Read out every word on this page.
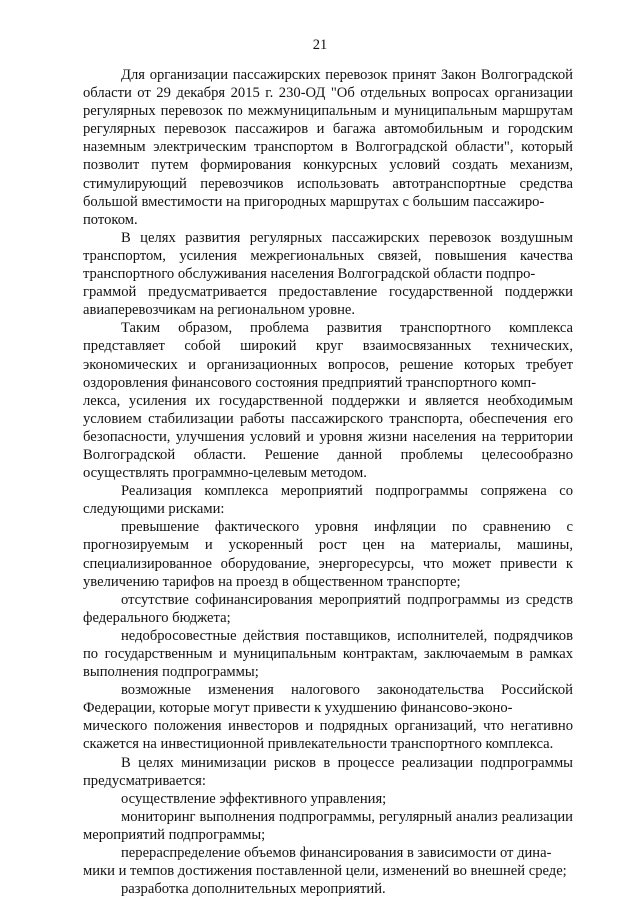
21

Для организации пассажирских перевозок принят Закон Волгоградской области от 29 декабря 2015 г. 230-ОД "Об отдельных вопросах организации регулярных перевозок по межмуниципальным и муниципальным маршрутам регулярных перевозок пассажиров и багажа автомобильным и городским наземным электрическим транспортом в Волгоградской области", который позволит путем формирования конкурсных условий создать механизм, стимулирующий перевозчиков использовать автотранспортные средства большой вместимости на пригородных маршрутах с большим пассажиро-
потоком.

В целях развития регулярных пассажирских перевозок воздушным транспортом, усиления межрегиональных связей, повышения качества транспортного обслуживания населения Волгоградской области подпро-
граммой предусматривается предоставление государственной поддержки авиаперевозчикам на региональном уровне.

Таким образом, проблема развития транспортного комплекса представляет собой широкий круг взаимосвязанных технических, экономических и организационных вопросов, решение которых требует оздоровления финансового состояния предприятий транспортного комп-
лекса, усиления их государственной поддержки и является необходимым условием стабилизации работы пассажирского транспорта, обеспечения его безопасности, улучшения условий и уровня жизни населения на территории Волгоградской области. Решение данной проблемы целесообразно осуществлять программно-целевым методом.

Реализация комплекса мероприятий подпрограммы сопряжена со следующими рисками:

превышение фактического уровня инфляции по сравнению с прогнозируемым и ускоренный рост цен на материалы, машины, специализированное оборудование, энергоресурсы, что может привести к увеличению тарифов на проезд в общественном транспорте;

отсутствие софинансирования мероприятий подпрограммы из средств федерального бюджета;

недобросовестные действия поставщиков, исполнителей, подрядчиков по государственным и муниципальным контрактам, заключаемым в рамках выполнения подпрограммы;

возможные изменения налогового законодательства Российской Федерации, которые могут привести к ухудшению финансово-эконо-
мического положения инвесторов и подрядных организаций, что негативно скажется на инвестиционной привлекательности транспортного комплекса.

В целях минимизации рисков в процессе реализации подпрограммы предусматривается:

осуществление эффективного управления;

мониторинг выполнения подпрограммы, регулярный анализ реализации мероприятий подпрограммы;

перераспределение объемов финансирования в зависимости от дина-
мики и темпов достижения поставленной цели, изменений во внешней среде;

разработка дополнительных мероприятий.
